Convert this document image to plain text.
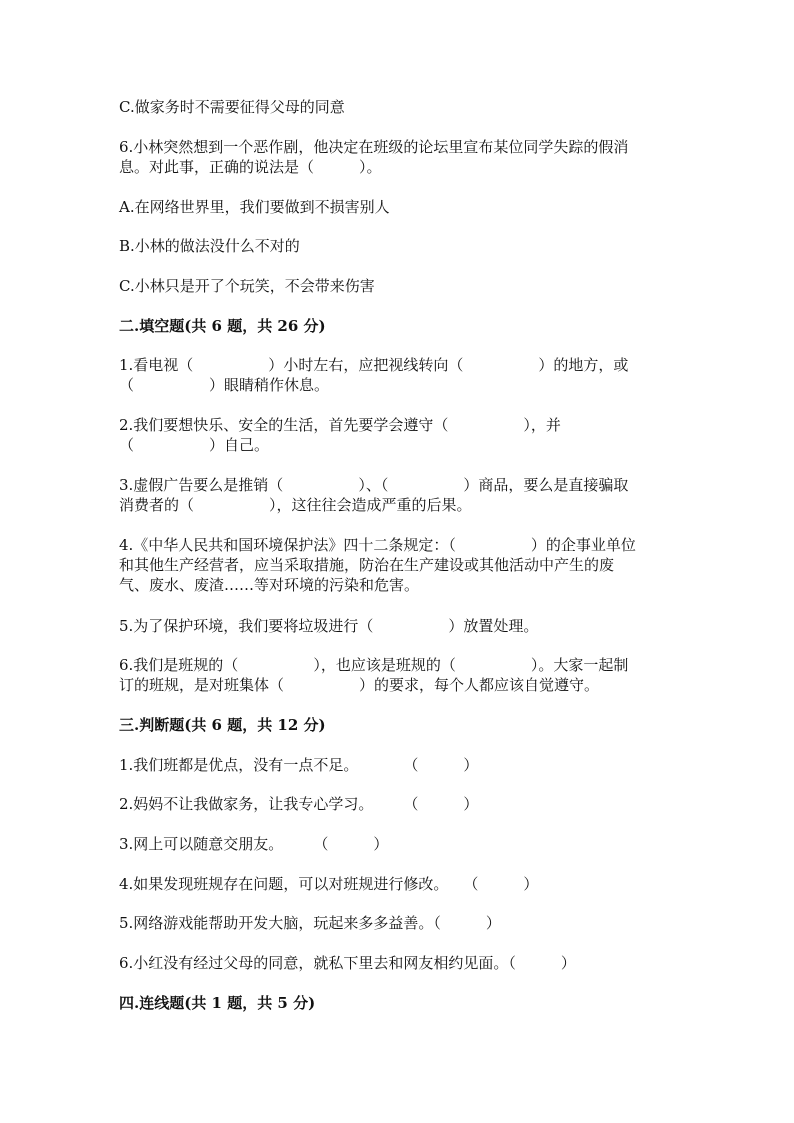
C.做家务时不需要征得父母的同意
6.小林突然想到一个恶作剧，他决定在班级的论坛里宣布某位同学失踪的假消
息。对此事，正确的说法是（　　　）。
A.在网络世界里，我们要做到不损害别人
B.小林的做法没什么不对的
C.小林只是开了个玩笑，不会带来伤害
二.填空题(共 6 题，共 26 分)
1.看电视（　　　　　）小时左右，应把视线转向（　　　　　）的地方，或
（　　　　　）眼睛稍作休息。
2.我们要想快乐、安全的生活，首先要学会遵守（　　　　　），并
（　　　　　）自己。
3.虚假广告要么是推销（　　　　　）、（　　　　　）商品，要么是直接骗取
消费者的（　　　　　），这往往会造成严重的后果。
4.《中华人民共和国环境保护法》四十二条规定：（　　　　　）的企事业单位
和其他生产经营者，应当采取措施，防治在生产建设或其他活动中产生的废
气、废水、废渣……等对环境的污染和危害。
5.为了保护环境，我们要将垃圾进行（　　　　　）放置处理。
6.我们是班规的（　　　　　），也应该是班规的（　　　　　）。大家一起制
订的班规，是对班集体（　　　　　）的要求，每个人都应该自觉遵守。
三.判断题(共 6 题，共 12 分)
1.我们班都是优点，没有一点不足。　　　　（　　　）
2.妈妈不让我做家务，让我专心学习。　　　（　　　）
3.网上可以随意交朋友。　　　（　　　）
4.如果发现班规存在问题，可以对班规进行修改。　　（　　　）
5.网络游戏能帮助开发大脑，玩起来多多益善。（　　　）
6.小红没有经过父母的同意，就私下里去和网友相约见面。（　　　）
四.连线题(共 1 题，共 5 分)
